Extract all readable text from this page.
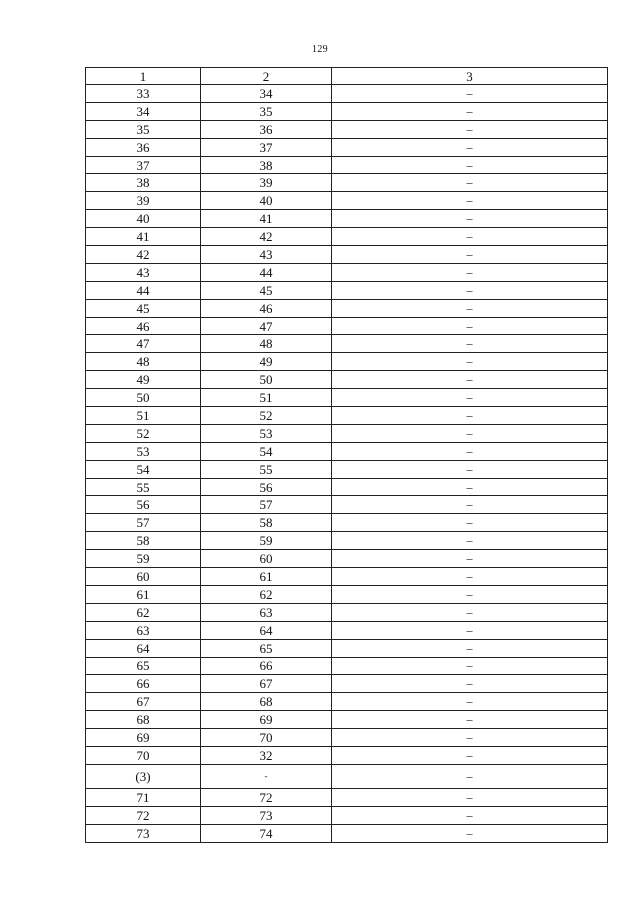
129
1	2	3
33	34	–
34	35	–
35	36	–
36	37	–
37	38	–
38	39	–
39	40	–
40	41	–
41	42	–
42	43	–
43	44	–
44	45	–
45	46	–
46	47	–
47	48	–
48	49	–
49	50	–
50	51	–
51	52	–
52	53	–
53	54	–
54	55	–
55	56	–
56	57	–
57	58	–
58	59	–
59	60	–
60	61	–
61	62	–
62	63	–
63	64	–
64	65	–
65	66	–
66	67	–
67	68	–
68	69	–
69	70	–
70	32	–
(3)	-	–
71	72	–
72	73	–
73	74	–
